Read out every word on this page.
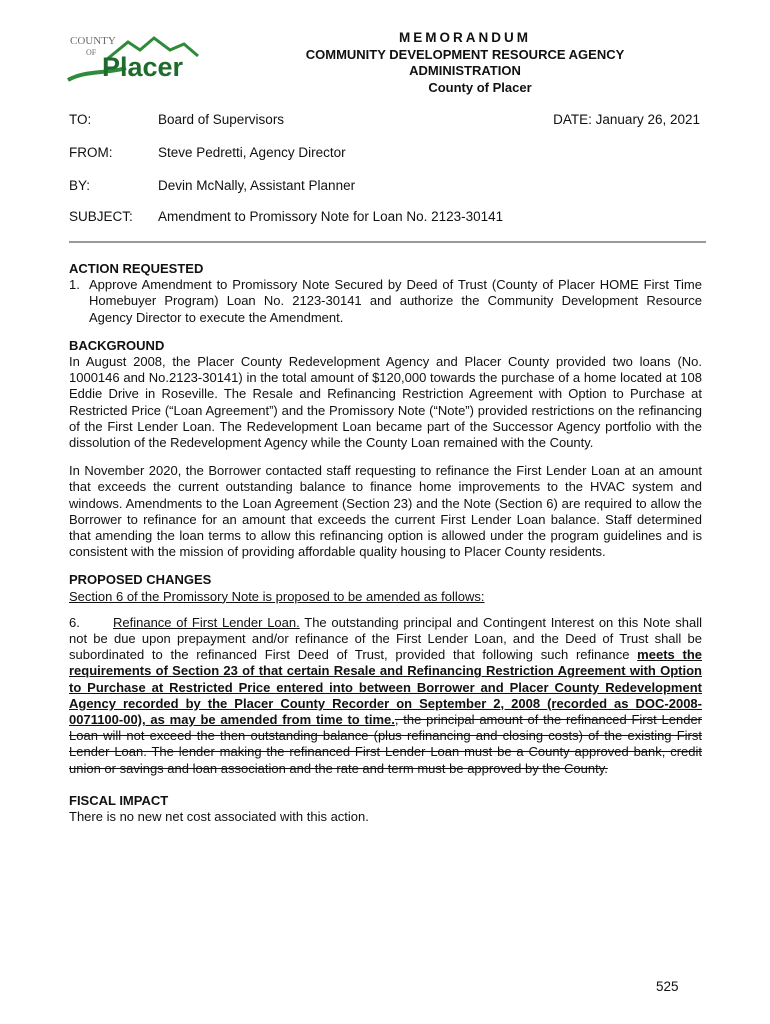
COUNTY
OF Placer
MEMORANDUM
COMMUNITY DEVELOPMENT RESOURCE AGENCY
ADMINISTRATION
County of Placer
TO:	Board of Supervisors	DATE: January 26, 2021
FROM:	Steve Pedretti, Agency Director
BY:	Devin McNally, Assistant Planner
SUBJECT: Amendment to Promissory Note for Loan No. 2123-30141

ACTION REQUESTED

1. Approve Amendment to Promissory Note Secured by Deed of Trust (County of Placer HOME First Time Homebuyer Program) Loan No. 2123-30141 and authorize the Community Development Resource Agency Director to execute the Amendment.

BACKGROUND

In August 2008, the Placer County Redevelopment Agency and Placer County provided two loans (No. 1000146 and No.2123-30141) in the total amount of $120,000 towards the purchase of a home located at 108 Eddie Drive in Roseville. The Resale and Refinancing Restriction Agreement with Option to Purchase at Restricted Price (“Loan Agreement”) and the Promissory Note (“Note”) provided restrictions on the refinancing of the First Lender Loan. The Redevelopment Loan became part of the Successor Agency portfolio with the dissolution of the Redevelopment Agency while the County Loan remained with the County.

In November 2020, the Borrower contacted staff requesting to refinance the First Lender Loan at an amount that exceeds the current outstanding balance to finance home improvements to the HVAC system and windows. Amendments to the Loan Agreement (Section 23) and the Note (Section 6) are required to allow the Borrower to refinance for an amount that exceeds the current First Lender Loan balance. Staff determined that amending the loan terms to allow this refinancing option is allowed under the program guidelines and is consistent with the mission of providing affordable quality housing to Placer County residents.

PROPOSED CHANGES

Section 6 of the Promissory Note is proposed to be amended as follows:

6.	Refinance of First Lender Loan. The outstanding principal and Contingent Interest on this Note shall not be due upon prepayment and/or refinance of the First Lender Loan, and the Deed of Trust shall be subordinated to the refinanced First Deed of Trust, provided that following such refinance meets the requirements of Section 23 of that certain Resale and Refinancing Restriction Agreement with Option to Purchase at Restricted Price entered into between Borrower and Placer County Redevelopment Agency recorded by the Placer County Recorder on September 2, 2008 (recorded as DOC-2008-0071100-00), as may be amended from time to time., the principal amount of the refinanced First Lender Loan will not exceed the then outstanding balance (plus refinancing and closing costs) of the existing First Lender Loan. The lender making the refinanced First Lender Loan must be a County approved bank, credit union or savings and loan association and the rate and term must be approved by the County.

FISCAL IMPACT

There is no new net cost associated with this action.

525
